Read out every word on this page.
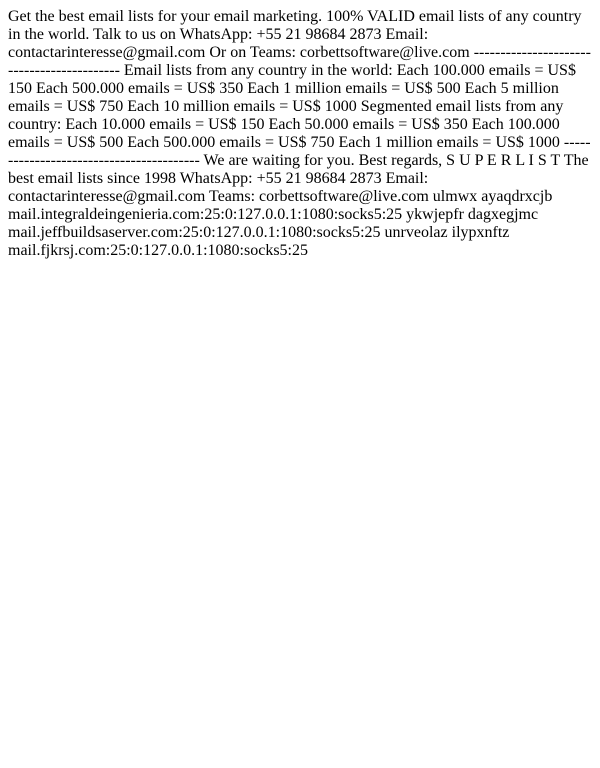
Get the best email lists for your email marketing. 100% VALID email lists of any country in the world. Talk to us on WhatsApp: +55 21 98684 2873 Email: contactarinteresse@gmail.com Or on Teams: corbettsoftware@live.com ------------------------------------------- Email lists from any country in the world: Each 100.000 emails = US$ 150 Each 500.000 emails = US$ 350 Each 1 million emails = US$ 500 Each 5 million emails = US$ 750 Each 10 million emails = US$ 1000 Segmented email lists from any country: Each 10.000 emails = US$ 150 Each 50.000 emails = US$ 350 Each 100.000 emails = US$ 500 Each 500.000 emails = US$ 750 Each 1 million emails = US$ 1000 ----------------------------------------- We are waiting for you. Best regards, S U P E R L I S T The best email lists since 1998 WhatsApp: +55 21 98684 2873 Email: contactarinteresse@gmail.com Teams: corbettsoftware@live.com ulmwx ayaqdrxcjb mail.integraldeingenieria.com:25:0:127.0.0.1:1080:socks5:25 ykwjepfr dagxegjmc mail.jeffbuildsaserver.com:25:0:127.0.0.1:1080:socks5:25 unrveolaz ilypxnftz mail.fjkrsj.com:25:0:127.0.0.1:1080:socks5:25
